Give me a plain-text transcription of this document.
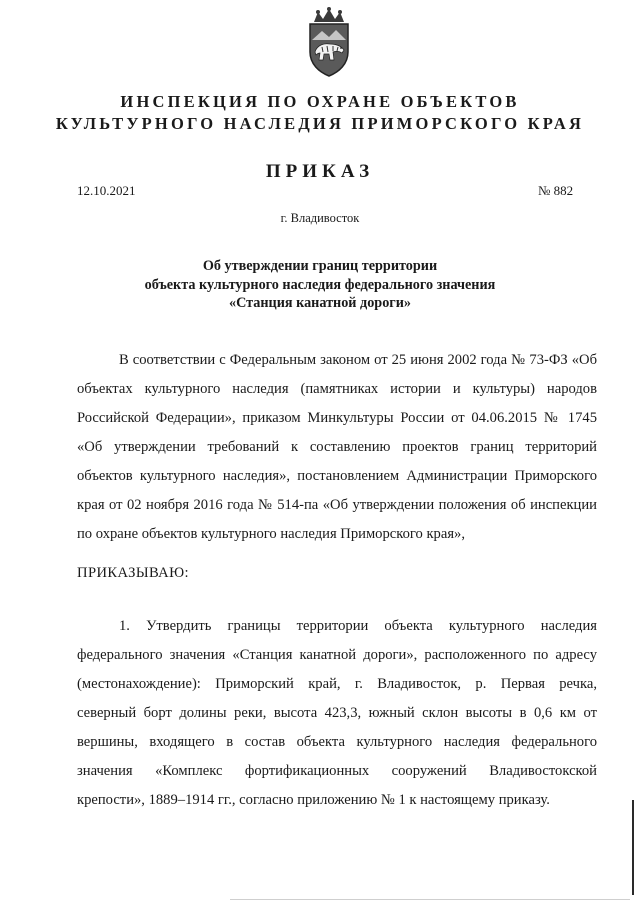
ИНСПЕКЦИЯ ПО ОХРАНЕ ОБЪЕКТОВ
КУЛЬТУРНОГО НАСЛЕДИЯ ПРИМОРСКОГО КРАЯ
ПРИКАЗ
12.10.2021	№ 882
г. Владивосток
Об утверждении границ территории
объекта культурного наследия федерального значения
«Станция канатной дороги»
В соответствии с Федеральным законом от 25 июня 2002 года № 73-ФЗ «Об
объектах культурного наследия (памятниках истории и культуры) народов
Российской Федерации», приказом Минкультуры России от 04.06.2015 № 1745
«Об утверждении требований к составлению проектов границ территорий
объектов культурного наследия», постановлением Администрации Приморского
края от 02 ноября 2016 года № 514-па «Об утверждении положения об инспекции
по охране объектов культурного наследия Приморского края»,
ПРИКАЗЫВАЮ:
1. Утвердить границы территории объекта культурного наследия
федерального значения «Станция канатной дороги», расположенного по адресу
(местонахождение): Приморский край, г. Владивосток, р. Первая речка,
северный борт долины реки, высота 423,3, южный склон высоты в 0,6 км от
вершины, входящего в состав объекта культурного наследия федерального
значения «Комплекс фортификационных сооружений Владивостокской
крепости», 1889–1914 гг., согласно приложению № 1 к настоящему приказу.
